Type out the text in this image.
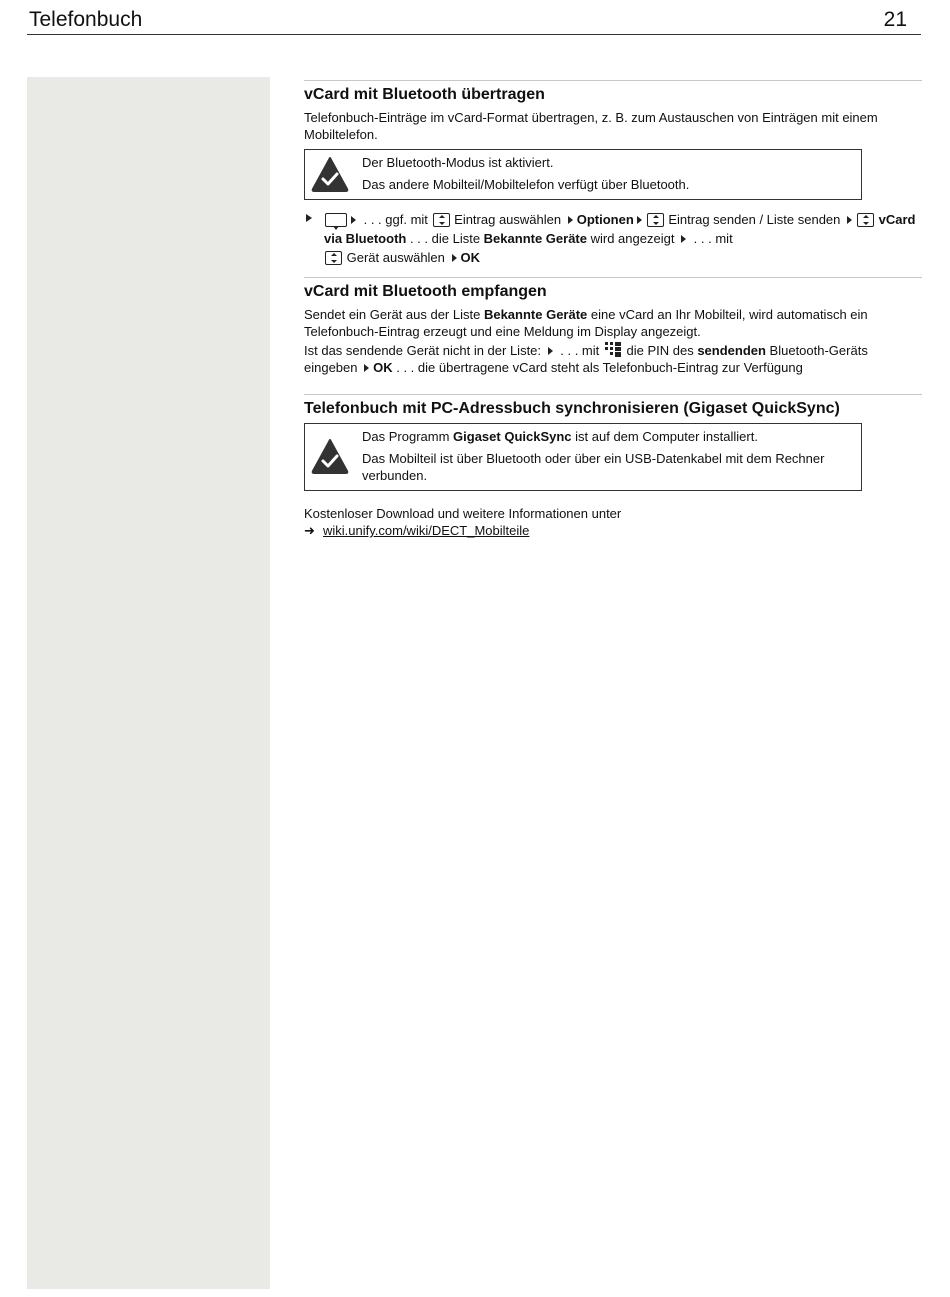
Telefonbuch	21
vCard mit Bluetooth übertragen

Telefonbuch-Einträge im vCard-Format übertragen, z. B. zum Austauschen von Einträgen mit einem Mobiltelefon.

Der Bluetooth-Modus ist aktiviert.

Das andere Mobilteil/Mobiltelefon verfügt über Bluetooth.

. . . ggf. mit  Eintrag auswählen Optionen Eintrag senden / Liste senden	vCard via Bluetooth . . . die Liste Bekannte Geräte wird angezeigt  . . . mit
Gerät auswählen OK
vCard mit Bluetooth empfangen

Sendet ein Gerät aus der Liste Bekannte Geräte eine vCard an Ihr Mobilteil, wird automatisch ein Telefonbuch-Eintrag erzeugt und eine Meldung im Display angezeigt.

Ist das sendende Gerät nicht in der Liste:  . . . mit  die PIN des sendenden Bluetooth-Geräts eingeben OK . . . die übertragene vCard steht als Telefonbuch-Eintrag zur Verfügung

Telefonbuch mit PC-Adressbuch synchronisieren (Gigaset QuickSync)

Das Programm Gigaset QuickSync ist auf dem Computer installiert.

Das Mobilteil ist über Bluetooth oder über ein USB-Datenkabel mit dem Rechner verbunden.

Kostenloser Download und weitere Informationen unter

➜ wiki.unify.com/wiki/DECT_Mobilteile
